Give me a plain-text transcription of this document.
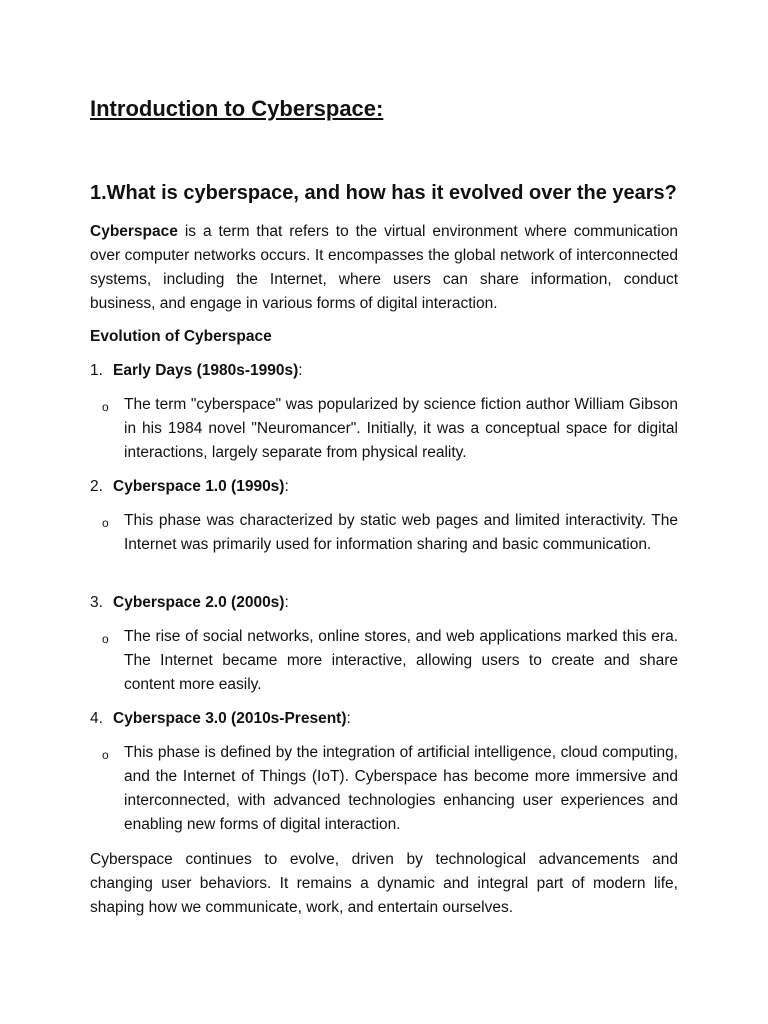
Introduction to Cyberspace:
1.What is cyberspace, and how has it evolved over the years?

Cyberspace is a term that refers to the virtual environment where communication over computer networks occurs. It encompasses the global network of interconnected systems, including the Internet, where users can share information, conduct business, and engage in various forms of digital interaction.

Evolution of Cyberspace

1. Early Days (1980s-1990s):

o The term "cyberspace" was popularized by science fiction author William Gibson in his 1984 novel "Neuromancer". Initially, it was a conceptual space for digital interactions, largely separate from physical reality.

2. Cyberspace 1.0 (1990s):

o This phase was characterized by static web pages and limited interactivity. The Internet was primarily used for information sharing and basic communication.

3. Cyberspace 2.0 (2000s):

o The rise of social networks, online stores, and web applications marked this era. The Internet became more interactive, allowing users to create and share content more easily.

4. Cyberspace 3.0 (2010s-Present):

o This phase is defined by the integration of artificial intelligence, cloud computing, and the Internet of Things (IoT). Cyberspace has become more immersive and interconnected, with advanced technologies enhancing user experiences and enabling new forms of digital interaction.

Cyberspace continues to evolve, driven by technological advancements and changing user behaviors. It remains a dynamic and integral part of modern life, shaping how we communicate, work, and entertain ourselves.
